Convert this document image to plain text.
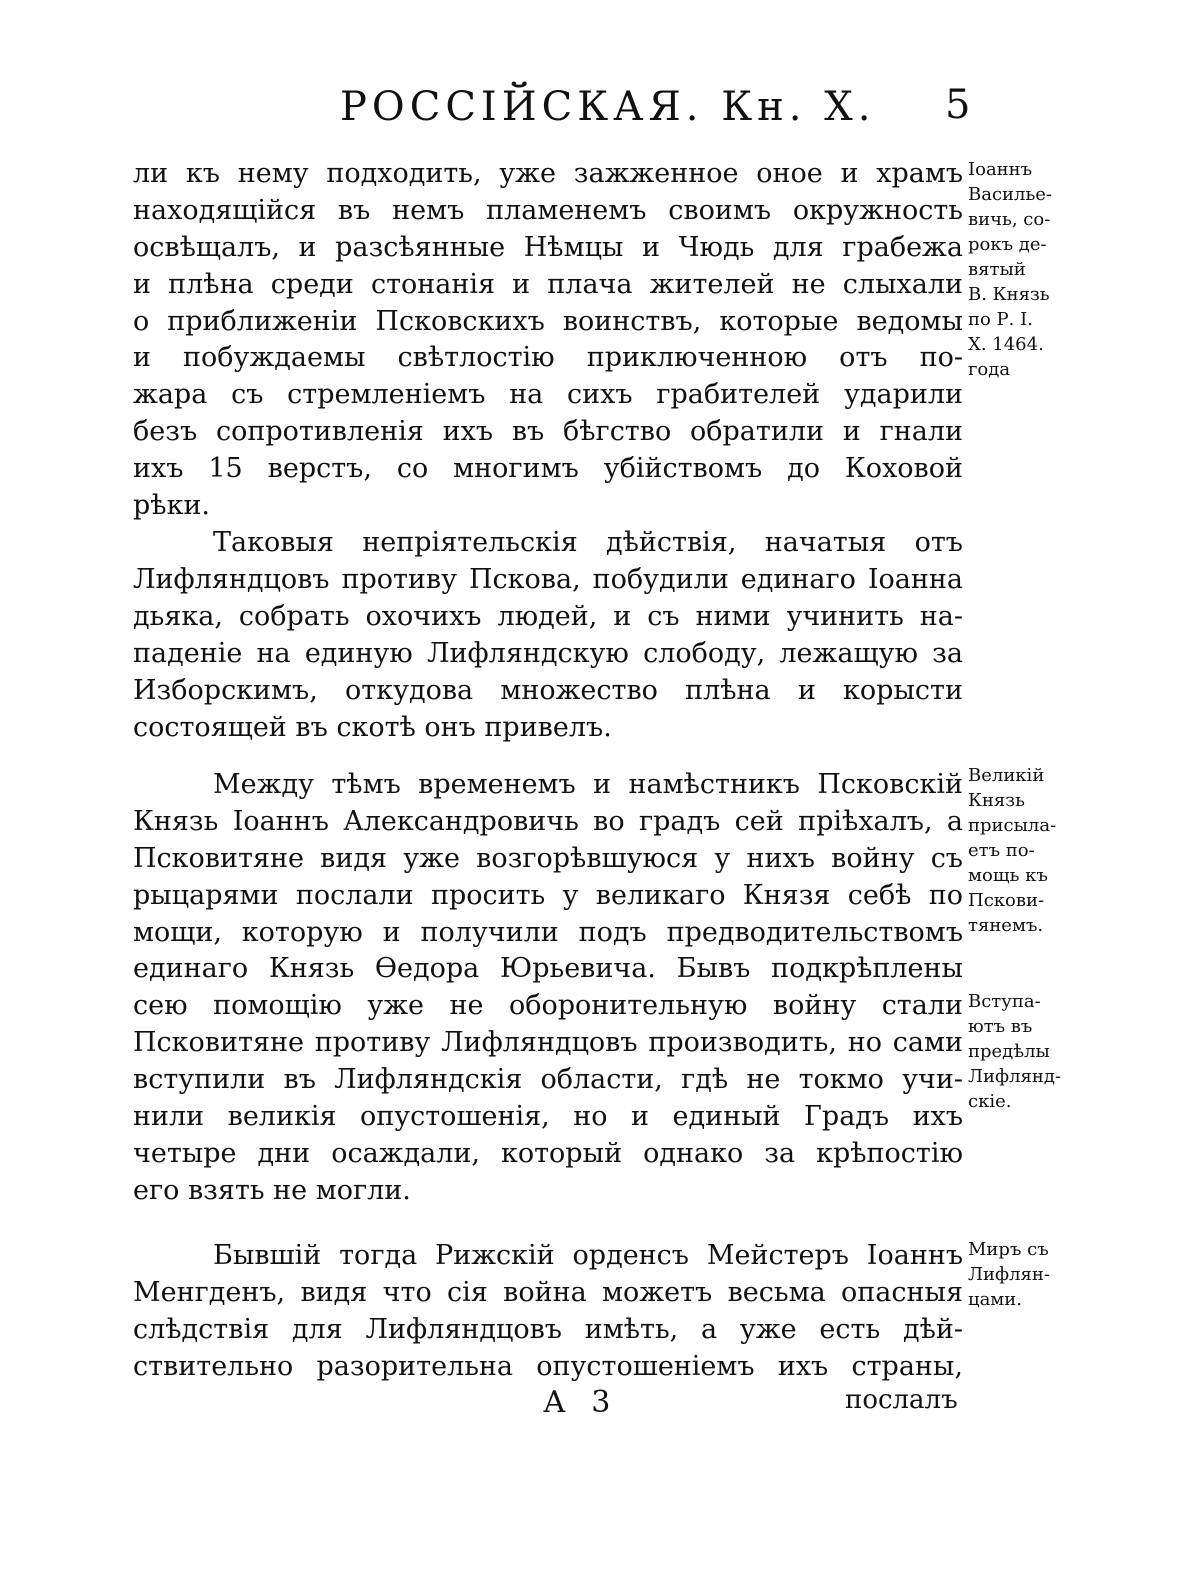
РОССІЙСКАЯ. Кн. X. 5
ли къ нему подходить, уже зажженное оное и храмъ
находящійся въ немъ пламенемъ своимъ окружность
освѣщалъ, и разсѣянные Нѣмцы и Чюдь для грабежа
и плѣна среди стонанія и плача жителей не слыхали
о приближеніи Псковскихъ воинствъ, которые ведомы
и побуждаемы свѣтлостію приключенною отъ по-
жара съ стремленіемъ на сихъ грабителей ударили
безъ сопротивленія ихъ въ бѣгство обратили и гнали
ихъ 15 верстъ, со многимъ убійствомъ до Коховой
рѣки.
Таковыя непріятельскія дѣйствія, начатыя отъ
Лифляндцовъ противу Пскова, побудили единаго Іоанна
дьяка, собрать охочихъ людей, и съ ними учинить на-
паденіе на единую Лифляндскую слободу, лежащую за
Изборскимъ, откудова множество плѣна и корысти
состоящей въ скотѣ онъ привелъ.
Между тѣмъ временемъ и намѣстникъ Псковскій
Князь Іоаннъ Александровичь во градъ сей пріѣхалъ, а
Псковитяне видя уже возгорѣвшуюся у нихъ войну съ
рыцарями послали просить у великаго Князя себѣ по
мощи, которую и получили подъ предводительствомъ
единаго Князь Ѳедора Юрьевича. Бывъ подкрѣплены
сею помощію уже не оборонительную войну стали
Псковитяне противу Лифляндцовъ производить, но сами
вступили въ Лифляндскія области, гдѣ не токмо учи-
нили великія опустошенія, но и единый Градъ ихъ
четыре дни осаждали, который однако за крѣпостію
его взять не могли.
Бывшій тогда Рижскій орденсъ Мейстеръ Іоаннъ
Менгденъ, видя что сія война можетъ весьма опасныя
слѣдствія для Лифляндцовъ имѣть, а уже есть дѣй-
ствительно разорительна опустошеніемъ ихъ страны,
Іоаннъ
Васильe-
вичь, со-
рокъ де-
вятый
В. Князь
по Р. І.
Х. 1464.
года
Великій
Князь
присылa-
етъ по-
мощь къ
Пскови-
тянемъ.
Вступa-
ютъ въ
предѣлы
Лифлянд-
скіе.
Миръ съ
Лифлян-
цами.
А 3	послалъ
